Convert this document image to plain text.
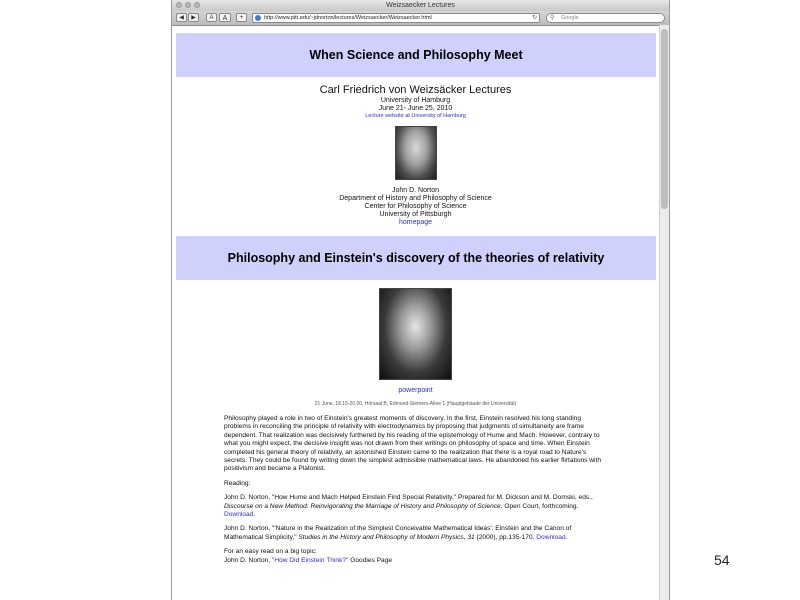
Weizsaecker Lectures
◀	▶	A	A	+	http://www.pitt.edu/~jdnorton/lectures/Weizsaecker/Weizsaecker.html	↻ ⚲ Google
When Science and Philosophy Meet
Carl Friedrich von Weizsäcker Lectures
University of Hamburg
June 21- June 25, 2010
Lecture website at University of Hamburg
John D. Norton
Department of History and Philosophy of Science
Center for Philosophy of Science
University of Pittsburgh
homepage
Philosophy and Einstein's discovery of the theories of relativity
powerpoint
21 June, 18.15-20.00, Hörsaal B, Edmund-Siemers-Allee 1 (Hauptgebäude der Universität)

Philosophy played a role in two of Einstein's greatest moments of discovery. In the first, Einstein resolved his long standing problems in reconciling the principle of relativity with electrodynamics by proposing that judgments of simultaneity are frame dependent. That realization was decisively furthered by his reading of the epistemology of Hume and Mach. However, contrary to what you might expect, the decisive insight was not drawn from their writings on philosophy of space and time. When Einstein completed his general theory of relativity, an astonished Einstein came to the realization that there is a royal road to Nature's secrets. They could be found by writing down the simplest admissible mathematical laws. He abandoned his earlier flirtations with positivism and became a Platonist.

Reading:

John D. Norton, "How Hume and Mach Helped Einstein Find Special Relativity," Prepared for M. Dickson and M. Domski, eds., Discourse on a New Method: Reinvigorating the Marriage of History and Philosophy of Science. Open Court, forthcoming. Download.

John D. Norton, "'Nature in the Realization of the Simplest Conceivable Mathematical Ideas': Einstein and the Canon of Mathematical Simplicity," Studies in the History and Philosophy of Modern Physics, 31 (2000), pp.135-170. Download.

For an easy read on a big topic:
John D. Norton, "How Did Einstein Think?" Goodies Page	54
